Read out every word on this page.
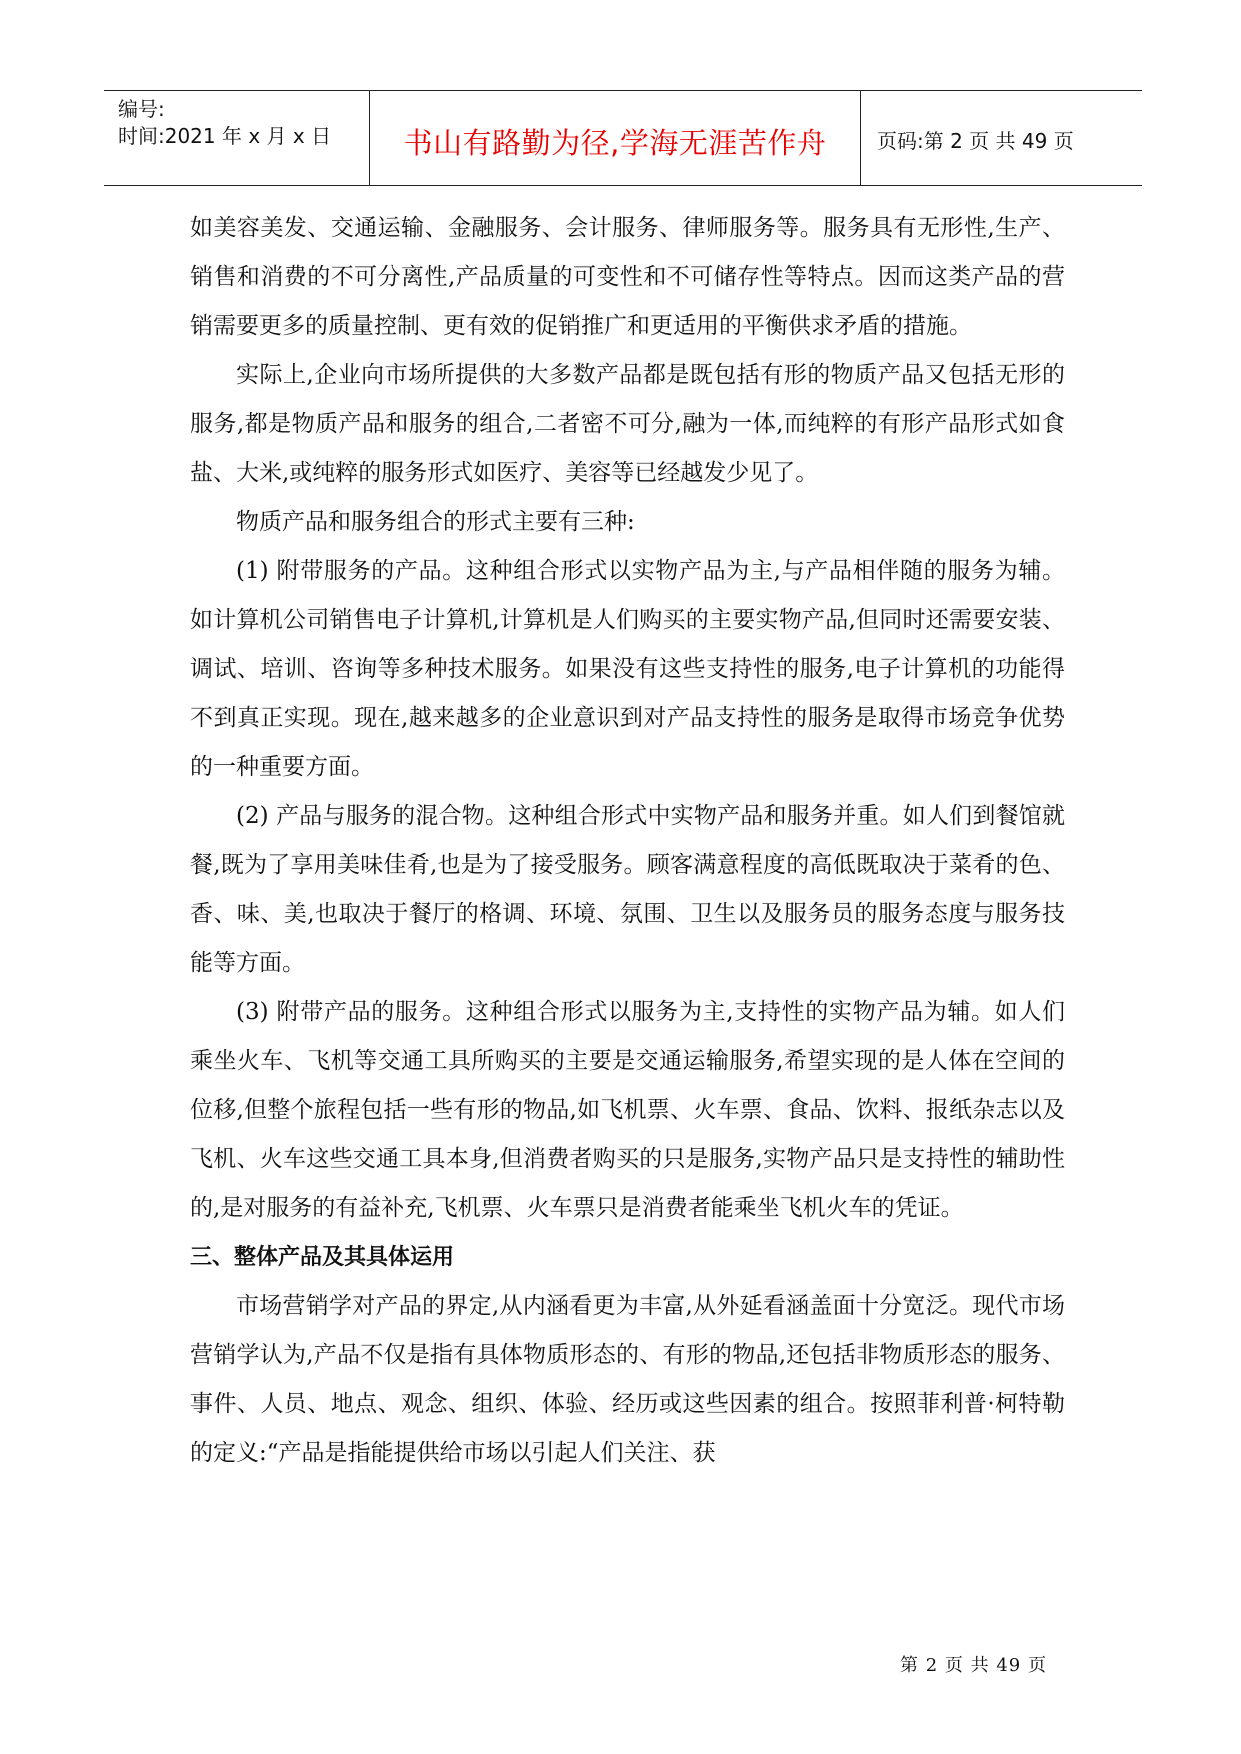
编号:
时间:2021 年 x 月 x 日	书山有路勤为径,学海无涯苦作舟	页码:第 2 页 共 49 页

如美容美发、交通运输、金融服务、会计服务、律师服务等。服务具有无形性,生产、销售和消费的不可分离性,产品质量的可变性和不可储存性等特点。因而这类产品的营销需要更多的质量控制、更有效的促销推广和更适用的平衡供求矛盾的措施。

实际上,企业向市场所提供的大多数产品都是既包括有形的物质产品又包括无形的服务,都是物质产品和服务的组合,二者密不可分,融为一体,而纯粹的有形产品形式如食盐、大米,或纯粹的服务形式如医疗、美容等已经越发少见了。

物质产品和服务组合的形式主要有三种:

(1) 附带服务的产品。这种组合形式以实物产品为主,与产品相伴随的服务为辅。如计算机公司销售电子计算机,计算机是人们购买的主要实物产品,但同时还需要安装、调试、培训、咨询等多种技术服务。如果没有这些支持性的服务,电子计算机的功能得不到真正实现。现在,越来越多的企业意识到对产品支持性的服务是取得市场竞争优势的一种重要方面。

(2) 产品与服务的混合物。这种组合形式中实物产品和服务并重。如人们到餐馆就餐,既为了享用美味佳肴,也是为了接受服务。顾客满意程度的高低既取决于菜肴的色、香、味、美,也取决于餐厅的格调、环境、氛围、卫生以及服务员的服务态度与服务技能等方面。

(3) 附带产品的服务。这种组合形式以服务为主,支持性的实物产品为辅。如人们乘坐火车、飞机等交通工具所购买的主要是交通运输服务,希望实现的是人体在空间的位移,但整个旅程包括一些有形的物品,如飞机票、火车票、食品、饮料、报纸杂志以及飞机、火车这些交通工具本身,但消费者购买的只是服务,实物产品只是支持性的辅助性的,是对服务的有益补充,飞机票、火车票只是消费者能乘坐飞机火车的凭证。

三、整体产品及其具体运用

市场营销学对产品的界定,从内涵看更为丰富,从外延看涵盖面十分宽泛。现代市场营销学认为,产品不仅是指有具体物质形态的、有形的物品,还包括非物质形态的服务、事件、人员、地点、观念、组织、体验、经历或这些因素的组合。按照菲利普·柯特勒的定义:“产品是指能提供给市场以引起人们关注、获

第 2 页 共 49 页
